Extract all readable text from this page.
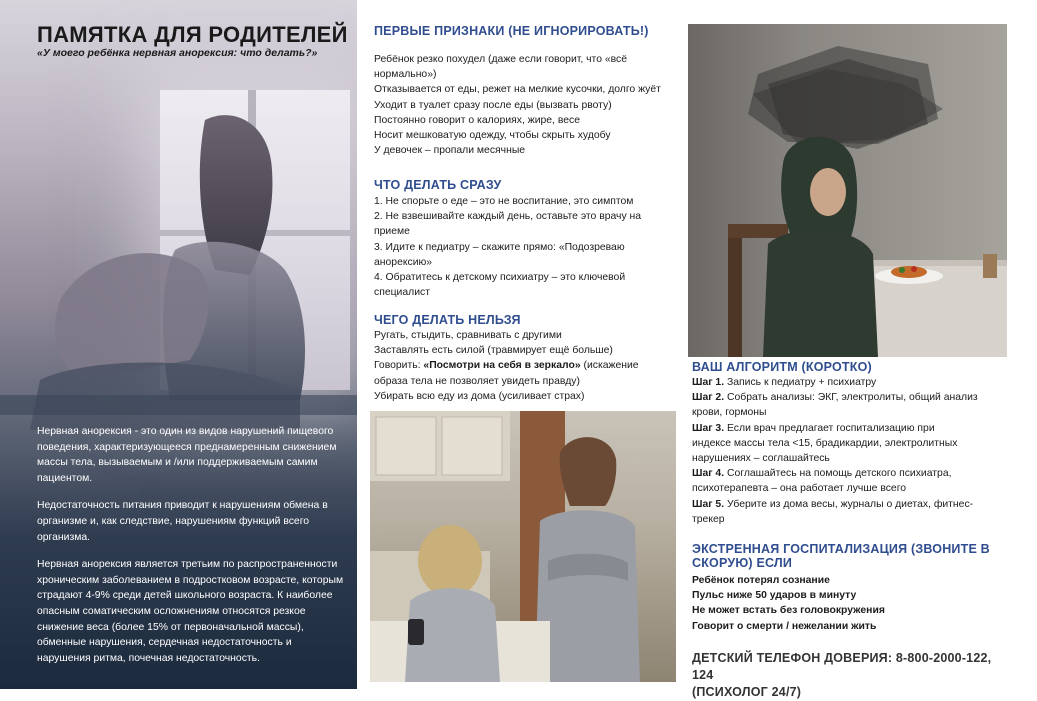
ПАМЯТКА ДЛЯ РОДИТЕЛЕЙ

«У моего ребёнка нервная анорексия: что делать?»

Нервная анорексия - это один из видов нарушений пищевого поведения, характеризующееся преднамеренным снижением массы тела, вызываемым и /или поддерживаемым самим пациентом.

Недостаточность питания приводит к нарушениям обмена в организме и, как следствие, нарушениям функций всего организма.

Нервная анорексия является третьим по распространенности хроническим заболеванием в подростковом возрасте, которым страдают 4-9% среди детей школьного возраста. К наиболее опасным соматическим осложнениям относятся резкое снижение веса (более 15% от первоначальной массы), обменные нарушения, сердечная недостаточность и нарушения ритма, почечная недостаточность.

ПЕРВЫЕ ПРИЗНАКИ (НЕ ИГНОРИРОВАТЬ!)
Ребёнок резко похудел (даже если говорит, что «всё
нормально»)
Отказывается от еды, режет на мелкие кусочки, долго жуёт
Уходит в туалет сразу после еды (вызвать рвоту)
Постоянно говорит о калориях, жире, весе
Носит мешковатую одежду, чтобы скрыть худобу
У девочек – пропали месячные
ЧТО ДЕЛАТЬ СРАЗУ
1. Не спорьте о еде – это не воспитание, это симптом
2. Не взвешивайте каждый день, оставьте это врачу на
приеме
3. Идите к педиатру – скажите прямо: «Подозреваю
анорексию»
4. Обратитесь к детскому психиатру – это ключевой
специалист
ЧЕГО ДЕЛАТЬ НЕЛЬЗЯ
Ругать, стыдить, сравнивать с другими
Заставлять есть силой (травмирует ещё больше)
Говорить: «Посмотри на себя в зеркало» (искажение
образа тела не позволяет увидеть правду)
Убирать всю еду из дома (усиливает страх)
ВАШ АЛГОРИТМ (КОРОТКО)
Шаг 1. Запись к педиатру + психиатру
Шаг 2. Собрать анализы: ЭКГ, электролиты, общий анализ
крови, гормоны
Шаг 3. Если врач предлагает госпитализацию при
индексе массы тела <15, брадикардии, электролитных
нарушениях – соглашайтесь
Шаг 4. Соглашайтесь на помощь детского психиатра,
психотерапевта – она работает лучше всего
Шаг 5. Уберите из дома весы, журналы о диетах, фитнес-
трекер
ЭКСТРЕННАЯ ГОСПИТАЛИЗАЦИЯ (ЗВОНИТЕ В
СКОРУЮ) ЕСЛИ
Ребёнок потерял сознание
Пульс ниже 50 ударов в минуту
Не может встать без головокружения
Говорит о смерти / нежелании жить
ДЕТСКИЙ ТЕЛЕФОН ДОВЕРИЯ: 8-800-2000-122, 124
(ПСИХОЛОГ 24/7)
